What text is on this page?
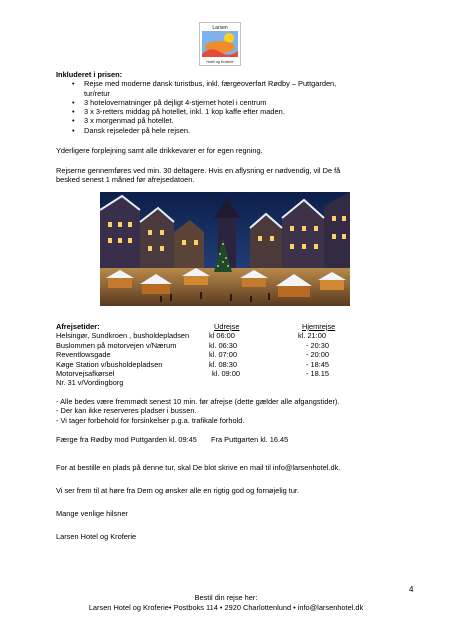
Larsen
Hotel og Kroferie
Inkluderet i prisen:
• Rejse med moderne dansk turistbus, inkl. færgeoverfart Rødby – Puttgarden,
tur/retur
• 3 hotelovernatninger på dejligt 4-stjernet hotel i centrum
• 3 x 3-retters middag på hotellet, inkl. 1 kop kaffe efter maden.
• 3 x morgenmad på hotellet.
• Dansk rejseleder på hele rejsen.
Yderligere forplejning samt alle drikkevarer er for egen regning.
Rejserne gennemføres ved min. 30 deltagere. Hvis en aflysning er nødvendig, vil De få
besked senest 1 måned før afrejsedatoen.
Afrejsetider:	Udrejse	Hjemrejse
Helsingør, Sundkroen , busholdepladsen	kl 06:00	kl. 21:00
Buslommen på motorvejen v/Nærum	kl. 06:30	- 20:30
Reventlowsgade	kl. 07:00	- 20:00
Køge Station v/busholdepladsen	kl. 08:30	- 18:45
Motorvejsafkørsel	kl. 09:00	- 18.15
Nr. 31 v/Vordingborg
- Alle bedes være fremmødt senest 10 min. før afrejse (dette gælder alle afgangstider).
- Der kan ikke reserveres pladser i bussen.
- Vi tager forbehold for forsinkelser p.g.a. trafikale forhold.
Færge fra Rødby mod Puttgarden kl. 09:45 Fra Puttgarten kl. 16.45
For at bestille en plads på denne tur, skal De blot skrive en mail til info@larsenhotel.dk.
Vi ser frem til at høre fra Dem og ønsker alle en rigtig god og fornøjelig tur.
Mange venlige hilsner
Larsen Hotel og Kroferie
4
Bestil din rejse her:
Larsen Hotel og Kroferie• Postboks 114 • 2920 Charlottenlund • info@larsenhotel.dk
